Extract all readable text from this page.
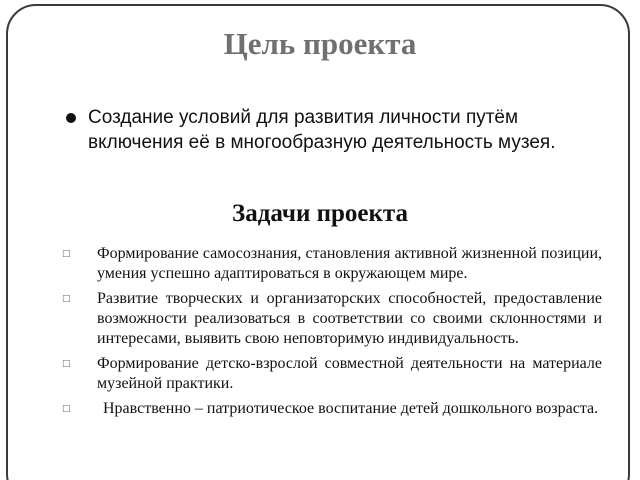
Цель проекта
Создание условий для развития личности путём включения её в многообразную деятельность музея.
Задачи проекта
□ Формирование самосознания, становления активной жизненной позиции, умения успешно адаптироваться в окружающем мире.
□ Развитие творческих и организаторских способностей, предоставление возможности реализоваться в соответствии со своими склонностями и интересами, выявить свою неповторимую индивидуальность.
□ Формирование детско-взрослой совместной деятельности на материале музейной практики.
□ Нравственно – патриотическое воспитание детей дошкольного возраста.
